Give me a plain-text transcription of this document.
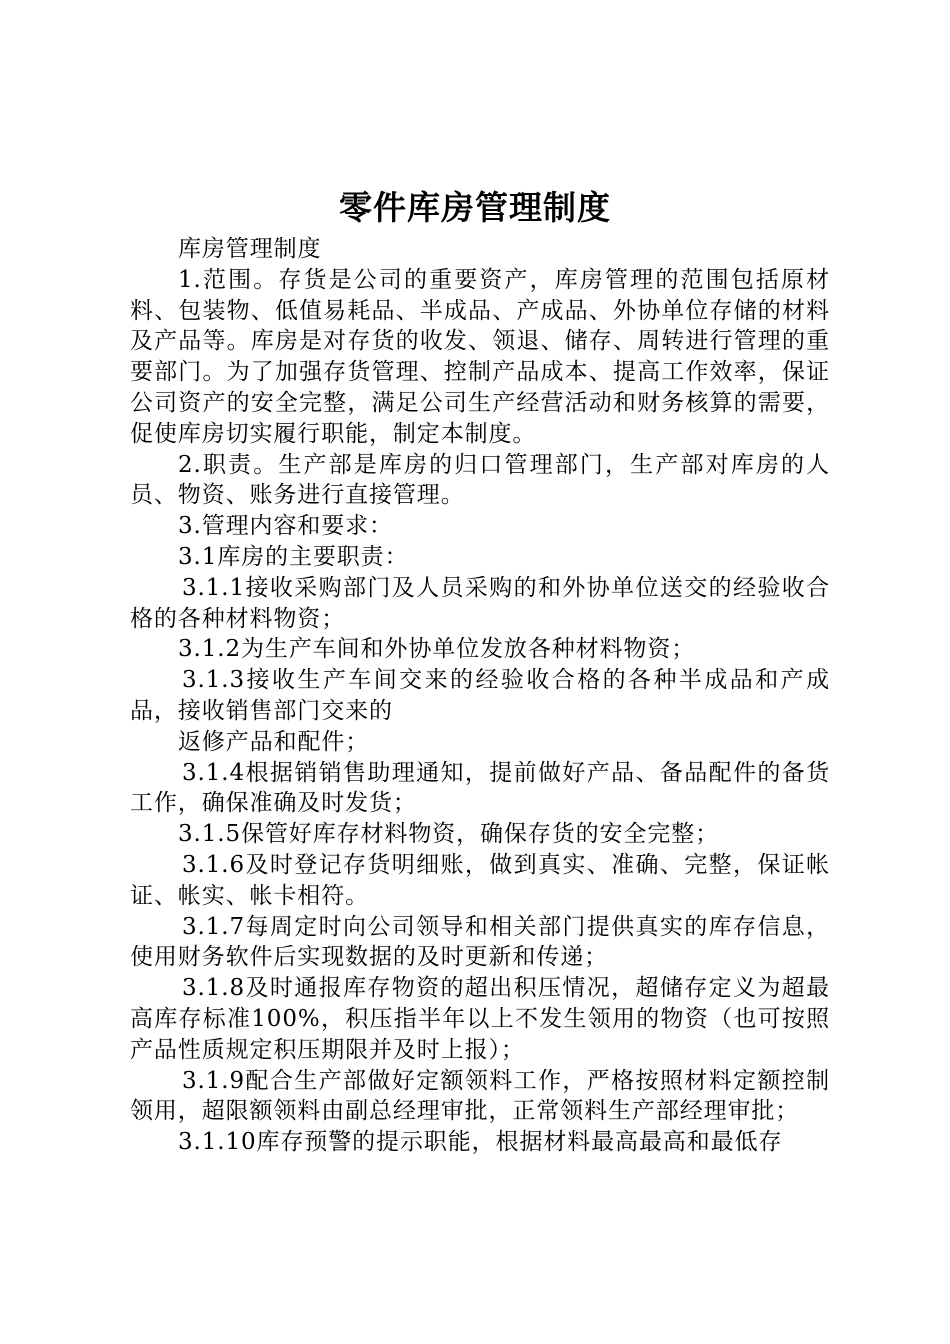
零件库房管理制度

库房管理制度

1.范围。存货是公司的重要资产，库房管理的范围包括原材料、包装物、低值易耗品、半成品、产成品、外协单位存储的材料及产品等。库房是对存货的收发、领退、储存、周转进行管理的重要部门。为了加强存货管理、控制产品成本、提高工作效率，保证公司资产的安全完整，满足公司生产经营活动和财务核算的需要，促使库房切实履行职能，制定本制度。

2.职责。生产部是库房的归口管理部门，生产部对库房的人员、物资、账务进行直接管理。

3.管理内容和要求：

3.1库房的主要职责：

3.1.1接收采购部门及人员采购的和外协单位送交的经验收合格的各种材料物资；

3.1.2为生产车间和外协单位发放各种材料物资；

3.1.3接收生产车间交来的经验收合格的各种半成品和产成品，接收销售部门交来的

返修产品和配件；

3.1.4根据销销售助理通知，提前做好产品、备品配件的备货工作，确保准确及时发货；

3.1.5保管好库存材料物资，确保存货的安全完整；

3.1.6及时登记存货明细账，做到真实、准确、完整，保证帐证、帐实、帐卡相符。

3.1.7每周定时向公司领导和相关部门提供真实的库存信息，使用财务软件后实现数据的及时更新和传递；

3.1.8及时通报库存物资的超出积压情况，超储存定义为超最高库存标准100%，积压指半年以上不发生领用的物资（也可按照产品性质规定积压期限并及时上报）；

3.1.9配合生产部做好定额领料工作，严格按照材料定额控制领用，超限额领料由副总经理审批，正常领料生产部经理审批；

3.1.10库存预警的提示职能，根据材料最高最高和最低存
